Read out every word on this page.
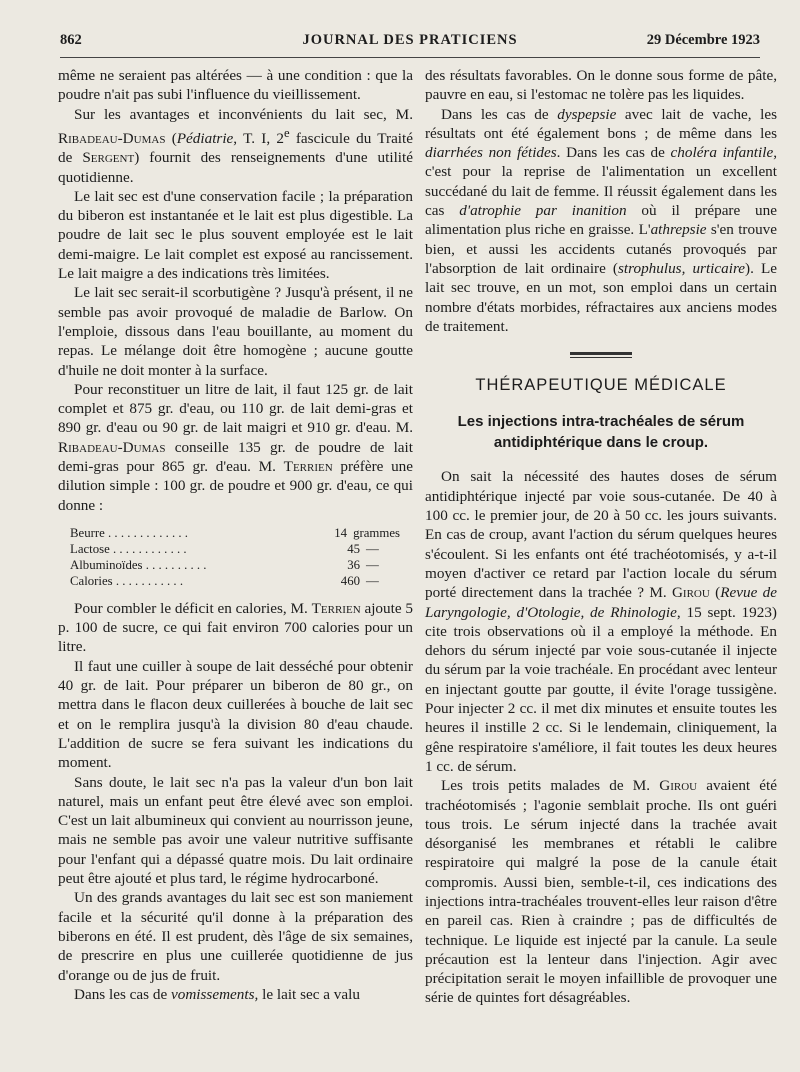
862	JOURNAL DES PRATICIENS	29 Décembre 1923

même ne seraient pas altérées — à une condition : que la poudre n'ait pas subi l'influence du vieillissement.

Sur les avantages et inconvénients du lait sec, M. Ribadeau-Dumas (Pédiatrie, T. I, 2e fascicule du Traité de Sergent) fournit des renseignements d'une utilité quotidienne.

Le lait sec est d'une conservation facile ; la préparation du biberon est instantanée et le lait est plus digestible. La poudre de lait sec le plus souvent employée est le lait demi-maigre. Le lait complet est exposé au rancissement. Le lait maigre a des indications très limitées.

Le lait sec serait-il scorbutigène ? Jusqu'à présent, il ne semble pas avoir provoqué de maladie de Barlow. On l'emploie, dissous dans l'eau bouillante, au moment du repas. Le mélange doit être homogène ; aucune goutte d'huile ne doit monter à la surface.

Pour reconstituer un litre de lait, il faut 125 gr. de lait complet et 875 gr. d'eau, ou 110 gr. de lait demi-gras et 890 gr. d'eau ou 90 gr. de lait maigri et 910 gr. d'eau. M. Ribadeau-Dumas conseille 135 gr. de poudre de lait demi-gras pour 865 gr. d'eau. M. Terrien préfère une dilution simple : 100 gr. de poudre et 900 gr. d'eau, ce qui donne :

Beurre . . . . . . . . . . . . .	14 grammes
Lactose . . . . . . . . . . . .	45 —
Albuminoïdes . . . . . . . . . .	36 —
Calories . . . . . . . . . . .	460 —

Pour combler le déficit en calories, M. Terrien ajoute 5 p. 100 de sucre, ce qui fait environ 700 calories pour un litre.

Il faut une cuiller à soupe de lait desséché pour obtenir 40 gr. de lait. Pour préparer un biberon de 80 gr., on mettra dans le flacon deux cuillerées à bouche de lait sec et on le remplira jusqu'à la division 80 d'eau chaude. L'addition de sucre se fera suivant les indications du moment.

Sans doute, le lait sec n'a pas la valeur d'un bon lait naturel, mais un enfant peut être élevé avec son emploi. C'est un lait albumineux qui convient au nourrisson jeune, mais ne semble pas avoir une valeur nutritive suffisante pour l'enfant qui a dépassé quatre mois. Du lait ordinaire peut être ajouté et plus tard, le régime hydrocarboné.

Un des grands avantages du lait sec est son maniement facile et la sécurité qu'il donne à la préparation des biberons en été. Il est prudent, dès l'âge de six semaines, de prescrire en plus une cuillerée quotidienne de jus d'orange ou de jus de fruit.

Dans les cas de vomissements, le lait sec a valu

des résultats favorables. On le donne sous forme de pâte, pauvre en eau, si l'estomac ne tolère pas les liquides.

Dans les cas de dyspepsie avec lait de vache, les résultats ont été également bons ; de même dans les diarrhées non fétides. Dans les cas de choléra infantile, c'est pour la reprise de l'alimentation un excellent succédané du lait de femme. Il réussit également dans les cas d'atrophie par inanition où il prépare une alimentation plus riche en graisse. L'athrepsie s'en trouve bien, et aussi les accidents cutanés provoqués par l'absorption de lait ordinaire (strophulus, urticaire). Le lait sec trouve, en un mot, son emploi dans un certain nombre d'états morbides, réfractaires aux anciens modes de traitement.

THÉRAPEUTIQUE MÉDICALE
Les injections intra-trachéales de sérum antidiphtérique dans le croup.

On sait la nécessité des hautes doses de sérum antidiphtérique injecté par voie sous-cutanée. De 40 à 100 cc. le premier jour, de 20 à 50 cc. les jours suivants. En cas de croup, avant l'action du sérum quelques heures s'écoulent. Si les enfants ont été trachéotomisés, y a-t-il moyen d'activer ce retard par l'action locale du sérum porté directement dans la trachée ? M. Girou (Revue de Laryngologie, d'Otologie, de Rhinologie, 15 sept. 1923) cite trois observations où il a employé la méthode. En dehors du sérum injecté par voie sous-cutanée il injecte du sérum par la voie trachéale. En procédant avec lenteur en injectant goutte par goutte, il évite l'orage tussigène. Pour injecter 2 cc. il met dix minutes et ensuite toutes les heures il instille 2 cc. Si le lendemain, cliniquement, la gêne respiratoire s'améliore, il fait toutes les deux heures 1 cc. de sérum.

Les trois petits malades de M. Girou avaient été trachéotomisés ; l'agonie semblait proche. Ils ont guéri tous trois. Le sérum injecté dans la trachée avait désorganisé les membranes et rétabli le calibre respiratoire qui malgré la pose de la canule était compromis. Aussi bien, semble-t-il, ces indications des injections intra-trachéales trouvent-elles leur raison d'être en pareil cas. Rien à craindre ; pas de difficultés de technique. Le liquide est injecté par la canule. La seule précaution est la lenteur dans l'injection. Agir avec précipitation serait le moyen infaillible de provoquer une série de quintes fort désagréables.
